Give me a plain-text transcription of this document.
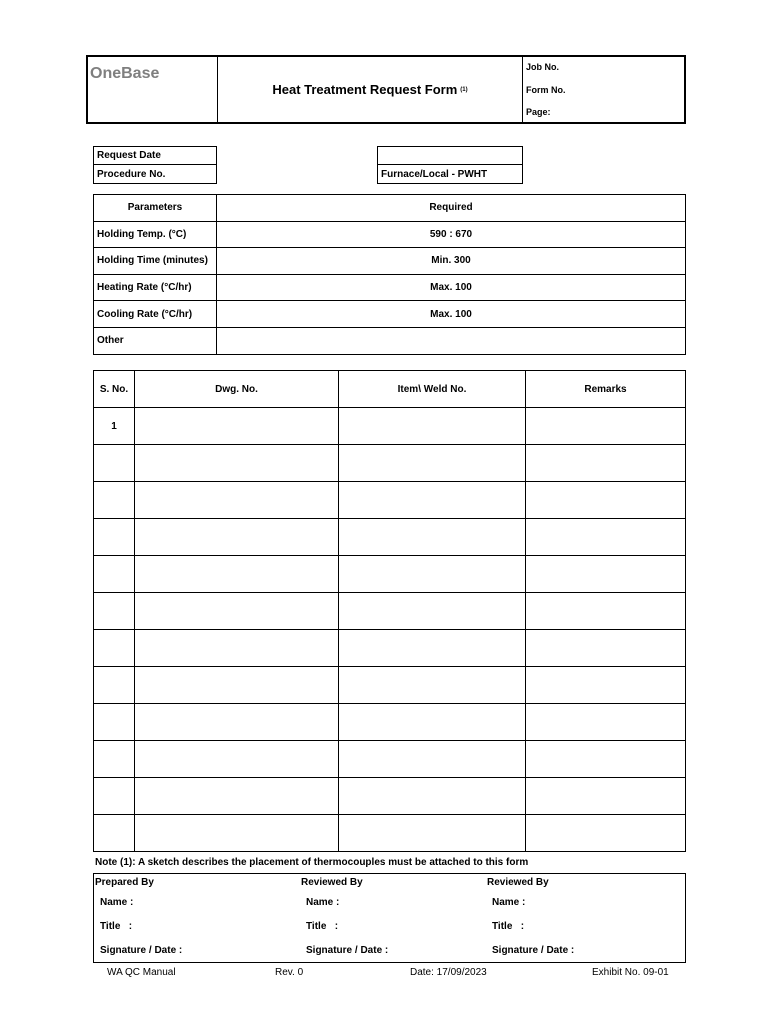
OneBase
Heat Treatment Request Form (1)
Job No.
Form No.
Page:
Request Date
Procedure No.	Furnace/Local - PWHT
Parameters	Required
Holding Temp. (°C)	590 : 670
Holding Time (minutes)	Min. 300
Heating Rate (°C/hr)	Max. 100
Cooling Rate (°C/hr)	Max. 100
Other	
S. No.	Dwg. No.	Item\ Weld No.	Remarks
1			

Note (1): A sketch describes the placement of thermocouples must be attached to this form
Prepared By	Reviewed By	Reviewed By
Name :	Name :	Name :
Title   :	Title   :	Title   :
Signature / Date :	Signature / Date :	Signature / Date :
WA QC Manual	Rev. 0	Date: 17/09/2023	Exhibit No. 09-01
